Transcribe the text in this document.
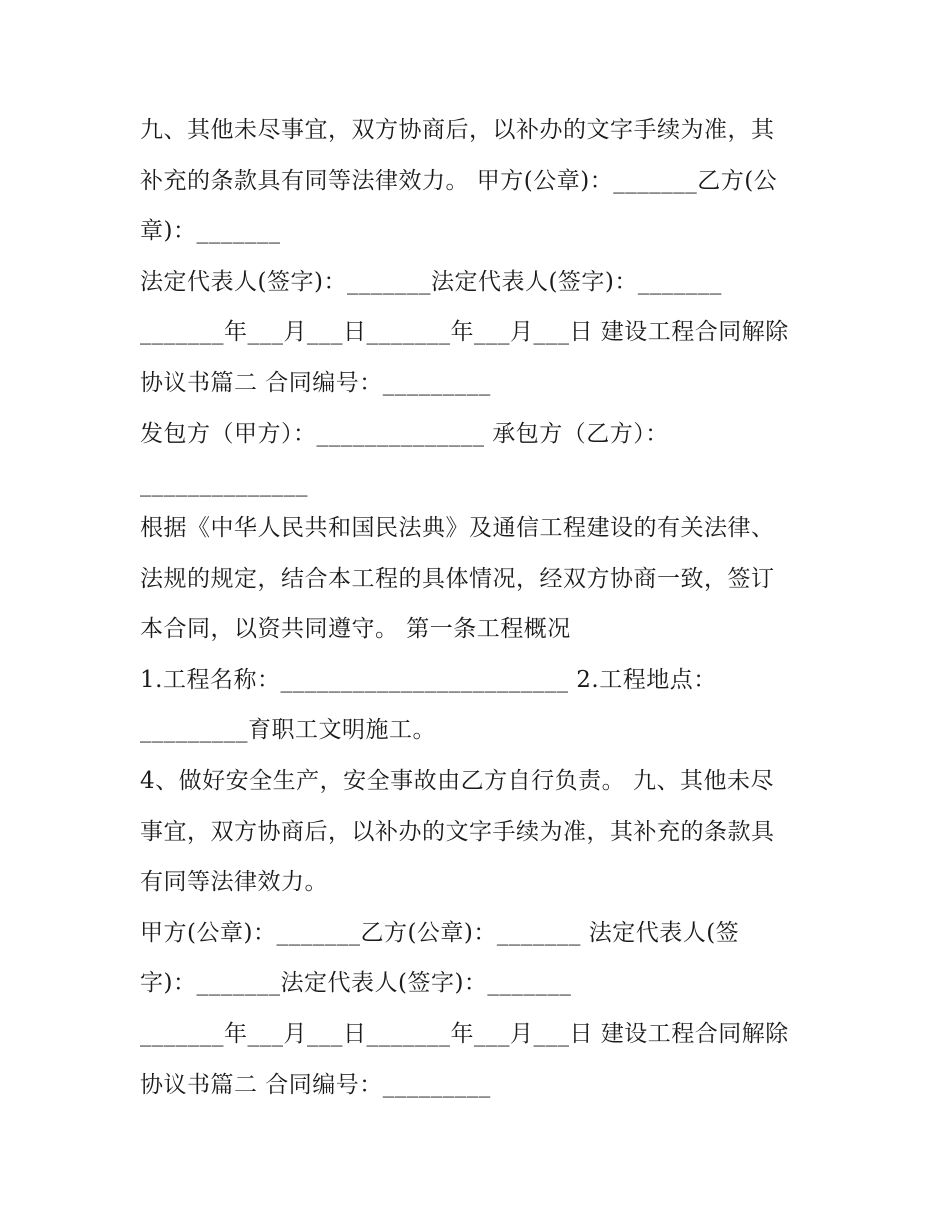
九、其他未尽事宜，双方协商后，以补办的文字手续为准，其
补充的条款具有同等法律效力。 甲方(公章)：_______乙方(公
章)：_______
法定代表人(签字)：_______法定代表人(签字)：_______
_______年___月___日_______年___月___日 建设工程合同解除
协议书篇二 合同编号：_________
发包方（甲方）：______________ 承包方（乙方）：
______________
根据《中华人民共和国民法典》及通信工程建设的有关法律、
法规的规定，结合本工程的具体情况，经双方协商一致，签订
本合同，以资共同遵守。 第一条工程概况
1.工程名称：________________________ 2.工程地点：
_________育职工文明施工。
4、做好安全生产，安全事故由乙方自行负责。 九、其他未尽
事宜，双方协商后，以补办的文字手续为准，其补充的条款具
有同等法律效力。
甲方(公章)：_______乙方(公章)：_______ 法定代表人(签
字)：_______法定代表人(签字)：_______
_______年___月___日_______年___月___日 建设工程合同解除
协议书篇二 合同编号：_________
